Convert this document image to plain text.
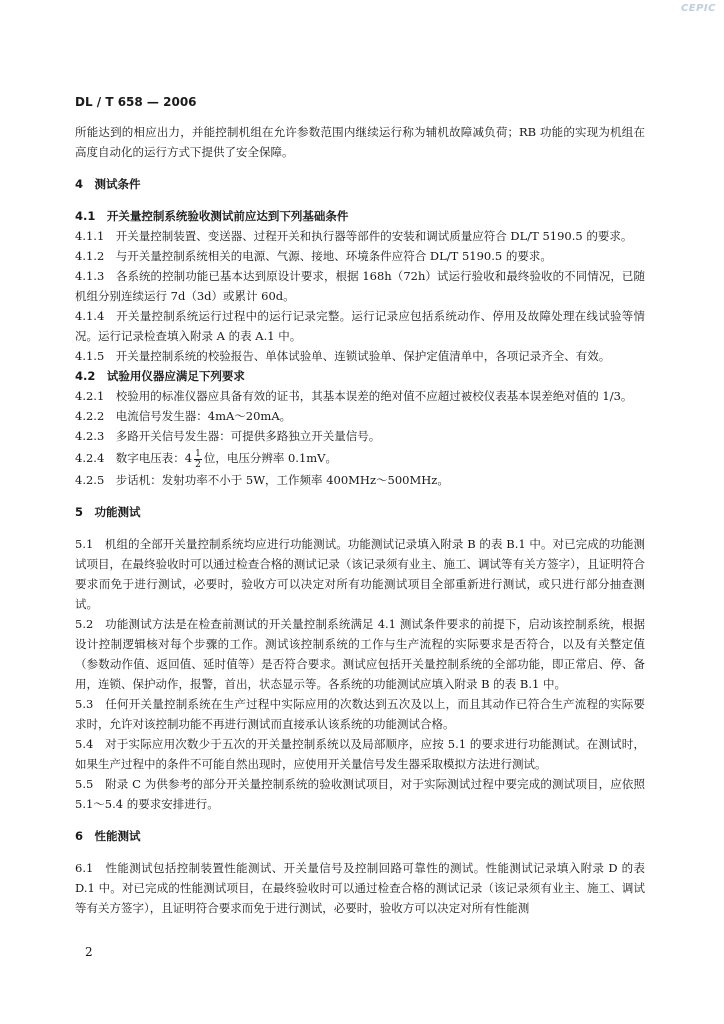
CEPIC
DL / T 658 — 2006

所能达到的相应出力，并能控制机组在允许参数范围内继续运行称为辅机故障减负荷；RB 功能的实现为机组在高度自动化的运行方式下提供了安全保障。

4　测试条件

4.1　开关量控制系统验收测试前应达到下列基础条件

4.1.1　开关量控制装置、变送器、过程开关和执行器等部件的安装和调试质量应符合 DL/T 5190.5 的要求。

4.1.2　与开关量控制系统相关的电源、气源、接地、环境条件应符合 DL/T 5190.5 的要求。

4.1.3　各系统的控制功能已基本达到原设计要求，根据 168h（72h）试运行验收和最终验收的不同情况，已随机组分别连续运行 7d（3d）或累计 60d。

4.1.4　开关量控制系统运行过程中的运行记录完整。运行记录应包括系统动作、停用及故障处理在线试验等情况。运行记录检查填入附录 A 的表 A.1 中。

4.1.5　开关量控制系统的校验报告、单体试验单、连锁试验单、保护定值清单中，各项记录齐全、有效。

4.2　试验用仪器应满足下列要求

4.2.1　校验用的标准仪器应具备有效的证书，其基本误差的绝对值不应超过被校仪表基本误差绝对值的 1/3。

4.2.2　电流信号发生器：4mA～20mA。

4.2.3　多路开关信号发生器：可提供多路独立开关量信号。

4.2.4　数字电压表：$4 \frac{1}{2}$ 位，电压分辨率 0.1mV。

4.2.5　步话机：发射功率不小于 5W，工作频率 400MHz～500MHz。

5　功能测试

5.1　机组的全部开关量控制系统均应进行功能测试。功能测试记录填入附录 B 的表 B.1 中。对已完成的功能测试项目，在最终验收时可以通过检查合格的测试记录（该记录须有业主、施工、调试等有关方签字），且证明符合要求而免于进行测试，必要时，验收方可以决定对所有功能测试项目全部重新进行测试，或只进行部分抽查测试。

5.2　功能测试方法是在检查前测试的开关量控制系统满足 4.1 测试条件要求的前提下，启动该控制系统，根据设计控制逻辑核对每个步骤的工作。测试该控制系统的工作与生产流程的实际要求是否符合，以及有关整定值（参数动作值、返回值、延时值等）是否符合要求。测试应包括开关量控制系统的全部功能，即正常启、停、备用，连锁、保护动作，报警，首出，状态显示等。各系统的功能测试应填入附录 B 的表 B.1 中。

5.3　任何开关量控制系统在生产过程中实际应用的次数达到五次及以上，而且其动作已符合生产流程的实际要求时，允许对该控制功能不再进行测试而直接承认该系统的功能测试合格。

5.4　对于实际应用次数少于五次的开关量控制系统以及局部顺序，应按 5.1 的要求进行功能测试。在测试时，如果生产过程中的条件不可能自然出现时，应使用开关量信号发生器采取模拟方法进行测试。

5.5　附录 C 为供参考的部分开关量控制系统的验收测试项目，对于实际测试过程中要完成的测试项目，应依照 5.1～5.4 的要求安排进行。

6　性能测试

6.1　性能测试包括控制装置性能测试、开关量信号及控制回路可靠性的测试。性能测试记录填入附录 D 的表 D.1 中。对已完成的性能测试项目，在最终验收时可以通过检查合格的测试记录（该记录须有业主、施工、调试等有关方签字），且证明符合要求而免于进行测试，必要时，验收方可以决定对所有性能测

2
